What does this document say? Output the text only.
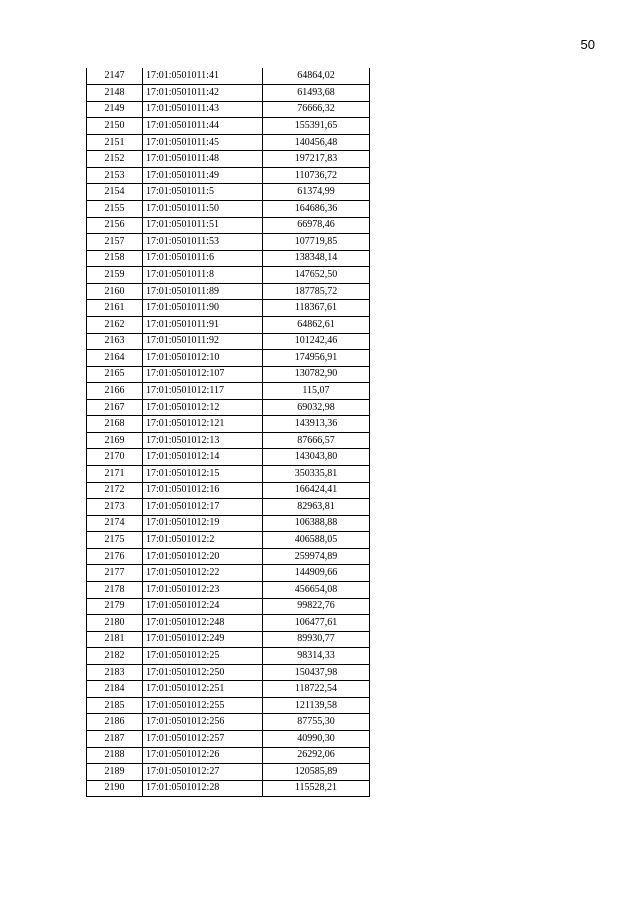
50
2147	17:01:0501011:41	64864,02
2148	17:01:0501011:42	61493,68
2149	17:01:0501011:43	76666,32
2150	17:01:0501011:44	155391,65
2151	17:01:0501011:45	140456,48
2152	17:01:0501011:48	197217,83
2153	17:01:0501011:49	110736,72
2154	17:01:0501011:5	61374,99
2155	17:01:0501011:50	164686,36
2156	17:01:0501011:51	66978,46
2157	17:01:0501011:53	107719,85
2158	17:01:0501011:6	138348,14
2159	17:01:0501011:8	147652,50
2160	17:01:0501011:89	187785,72
2161	17:01:0501011:90	118367,61
2162	17:01:0501011:91	64862,61
2163	17:01:0501011:92	101242,46
2164	17:01:0501012:10	174956,91
2165	17:01:0501012:107	130782,90
2166	17:01:0501012:117	115,07
2167	17:01:0501012:12	69032,98
2168	17:01:0501012:121	143913,36
2169	17:01:0501012:13	87666,57
2170	17:01:0501012:14	143043,80
2171	17:01:0501012:15	350335,81
2172	17:01:0501012:16	166424,41
2173	17:01:0501012:17	82963,81
2174	17:01:0501012:19	106388,88
2175	17:01:0501012:2	406588,05
2176	17:01:0501012:20	259974,89
2177	17:01:0501012:22	144909,66
2178	17:01:0501012:23	456654,08
2179	17:01:0501012:24	99822,76
2180	17:01:0501012:248	106477,61
2181	17:01:0501012:249	89930,77
2182	17:01:0501012:25	98314,33
2183	17:01:0501012:250	150437,98
2184	17:01:0501012:251	118722,54
2185	17:01:0501012:255	121139,58
2186	17:01:0501012:256	87755,30
2187	17:01:0501012:257	40990,30
2188	17:01:0501012:26	26292,06
2189	17:01:0501012:27	120585,89
2190	17:01:0501012:28	115528,21
